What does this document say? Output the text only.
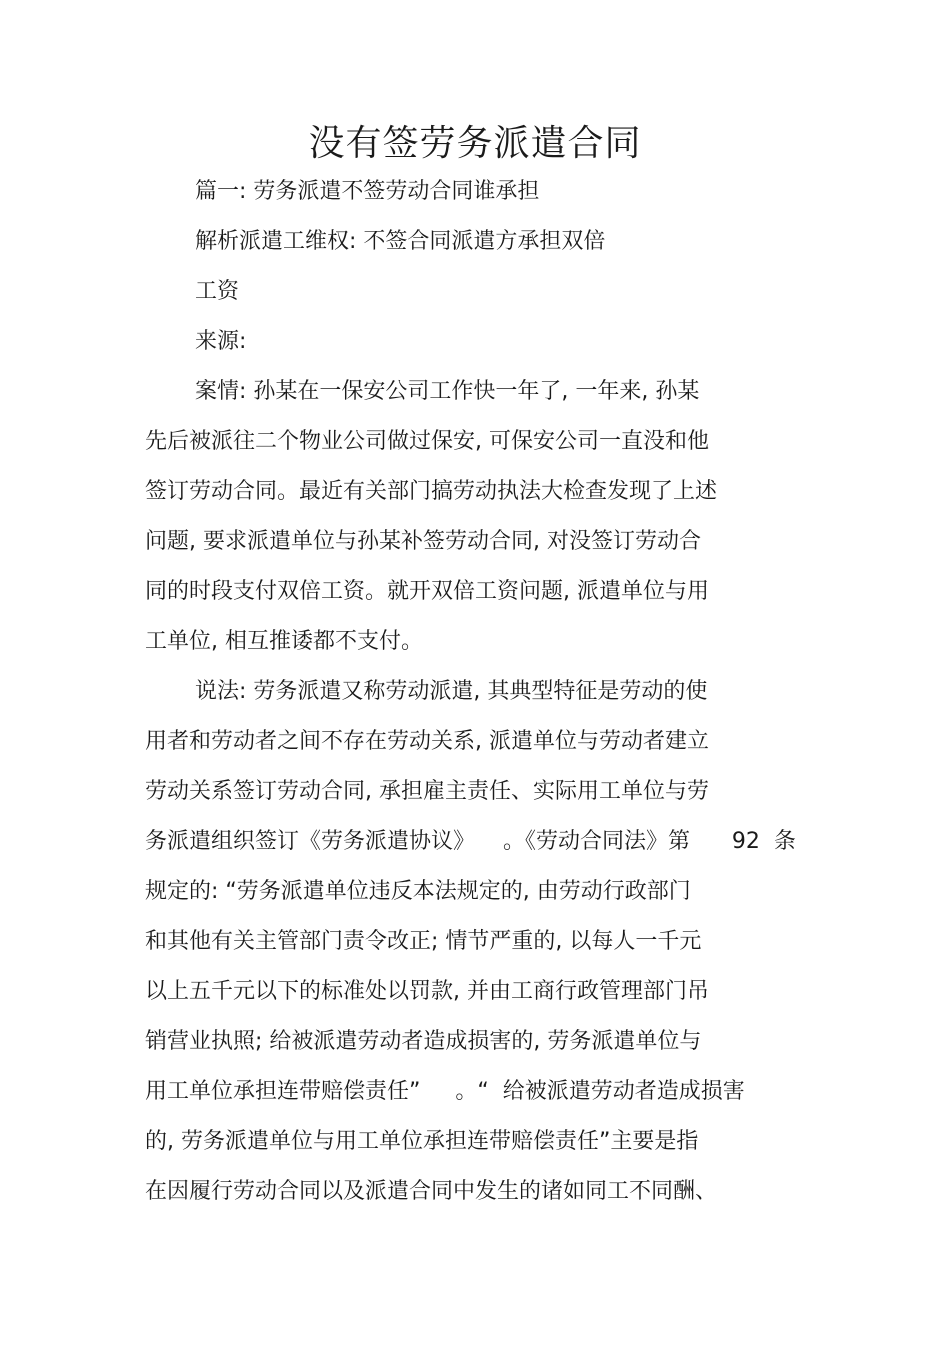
没有签劳务派遣合同

篇一: 劳务派遣不签劳动合同谁承担

解析派遣工维权: 不签合同派遣方承担双倍

工资

来源:

案情: 孙某在一保安公司工作快一年了, 一年来, 孙某

先后被派往二个物业公司做过保安, 可保安公司一直没和他

签订劳动合同。最近有关部门搞劳动执法大检查发现了上述

问题, 要求派遣单位与孙某补签劳动合同, 对没签订劳动合

同的时段支付双倍工资。就开双倍工资问题, 派遣单位与用

工单位, 相互推诿都不支付。

说法: 劳务派遣又称劳动派遣, 其典型特征是劳动的使

用者和劳动者之间不存在劳动关系, 派遣单位与劳动者建立

劳动关系签订劳动合同, 承担雇主责任、实际用工单位与劳

务派遣组织签订《劳务派遣协议》    。《劳动合同法》第      92  条

规定的: “劳务派遣单位违反本法规定的, 由劳动行政部门

和其他有关主管部门责令改正; 情节严重的, 以每人一千元

以上五千元以下的标准处以罚款, 并由工商行政管理部门吊

销营业执照; 给被派遣劳动者造成损害的, 劳务派遣单位与

用工单位承担连带赔偿责任”     。“  给被派遣劳动者造成损害

的, 劳务派遣单位与用工单位承担连带赔偿责任”主要是指

在因履行劳动合同以及派遣合同中发生的诸如同工不同酬、
